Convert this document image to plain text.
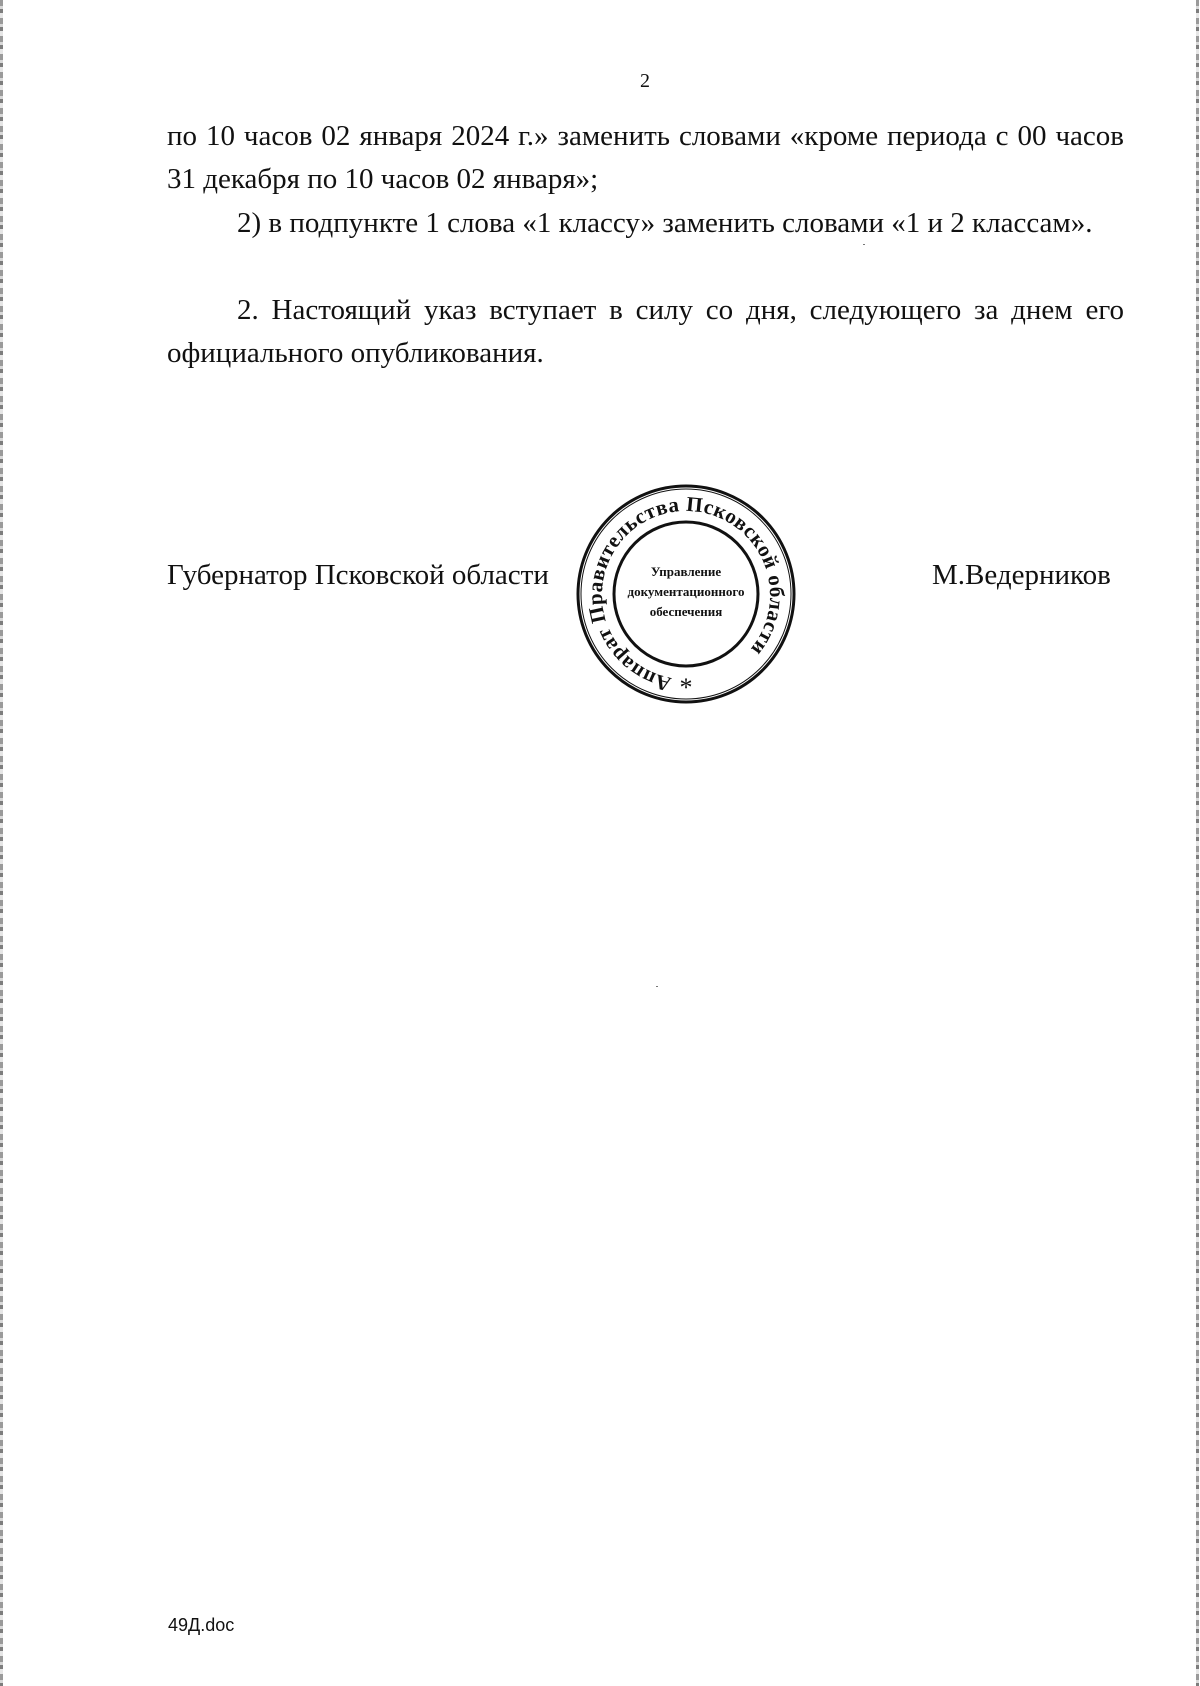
2
по 10 часов 02 января 2024 г.» заменить словами «кроме периода с 00 часов 31 декабря по 10 часов 02 января»;
2) в подпункте 1 слова «1 классу» заменить словами «1 и 2 классам».
2. Настоящий указ вступает в силу со дня, следующего за днем его официального опубликования.
Губернатор Псковской области	М.Ведерников
Аппарат Правительства Псковской области
Управление
документационного
обеспечения
*
49Д.doc
